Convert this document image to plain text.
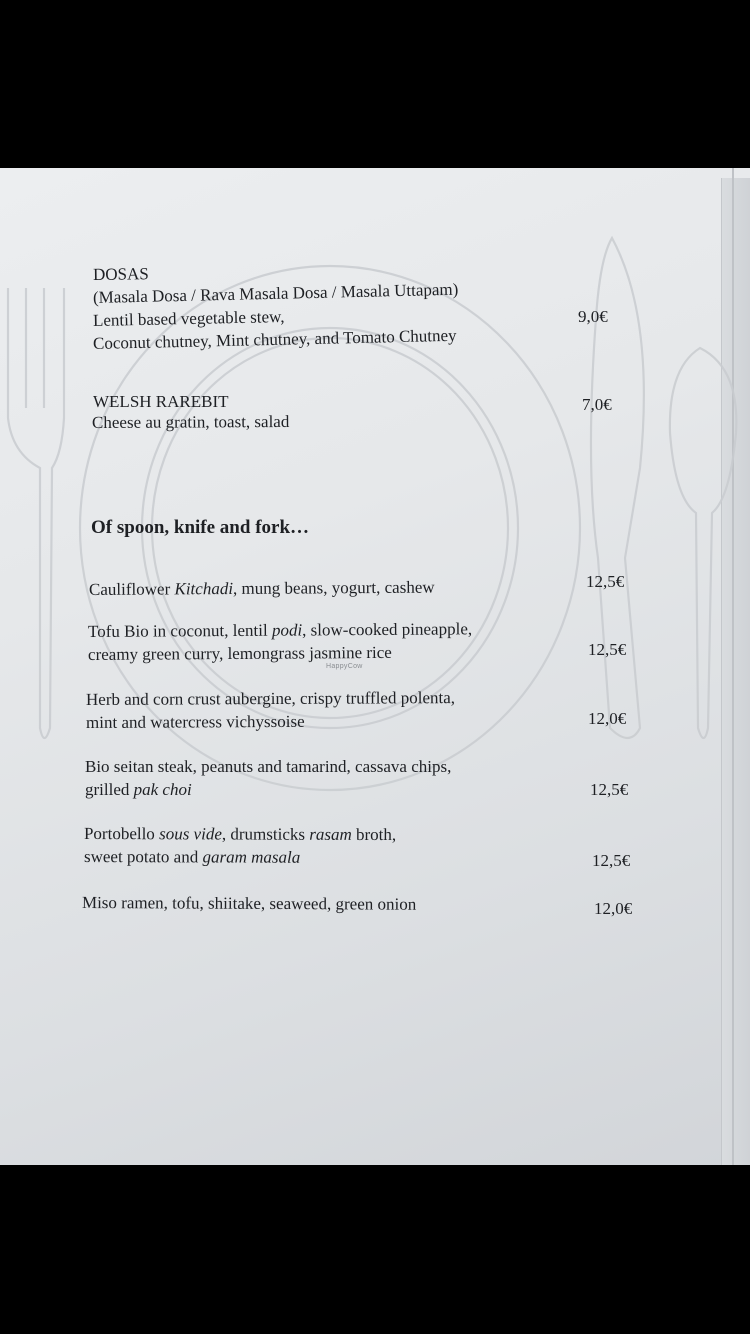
DOSAS
(Masala Dosa / Rava Masala Dosa / Masala Uttapam)
Lentil based vegetable stew,
Coconut chutney, Mint chutney, and Tomato Chutney
9,0€
WELSH RAREBIT
Cheese au gratin, toast, salad
7,0€
Of spoon, knife and fork…
Cauliflower Kitchadi, mung beans, yogurt, cashew	12,5€
Tofu Bio in coconut, lentil podi, slow-cooked pineapple,
creamy green curry, lemongrass jasmine rice	12,5€
Herb and corn crust aubergine, crispy truffled polenta,
mint and watercress vichyssoise	12,0€
Bio seitan steak, peanuts and tamarind, cassava chips,
grilled pak choi	12,5€
Portobello sous vide, drumsticks rasam broth,
sweet potato and garam masala	12,5€
Miso ramen, tofu, shiitake, seaweed, green onion	12,0€
HappyCow
